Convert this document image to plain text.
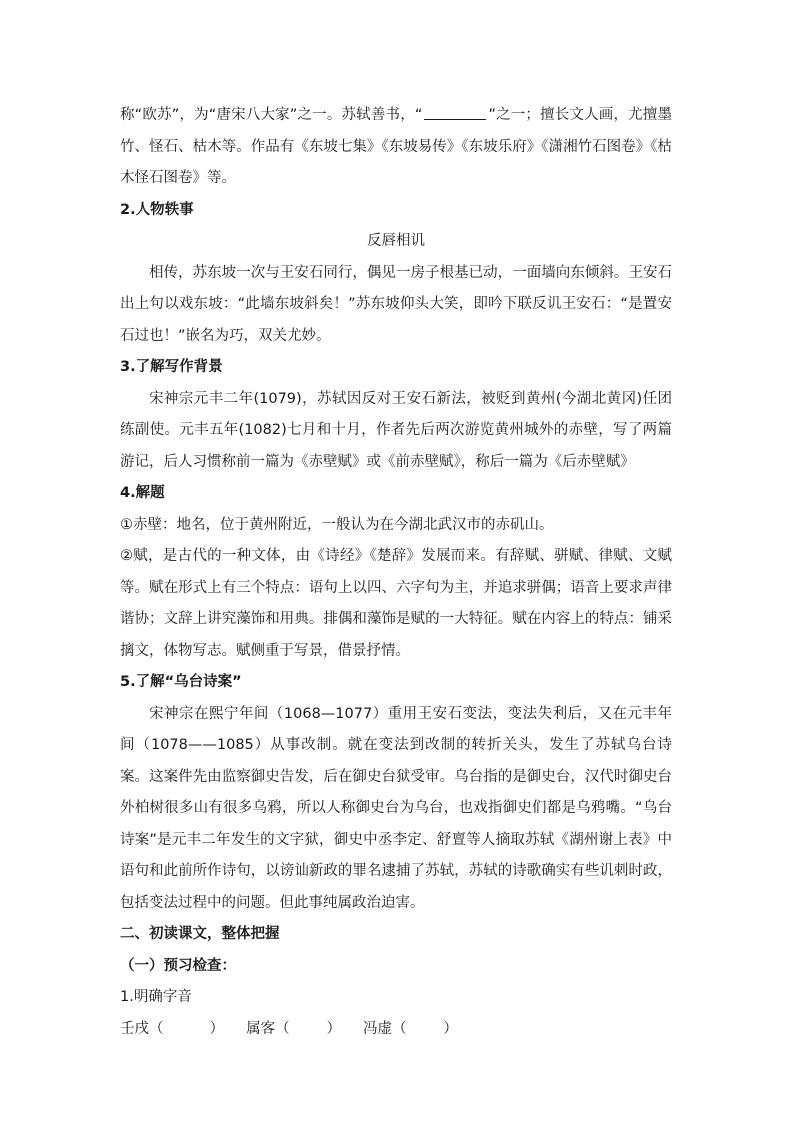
称“欧苏”，为“唐宋八大家”之一。苏轼善书，“	”之一；擅长文人画，尤擅墨竹、怪石、枯木等。作品有《东坡七集》《东坡易传》《东坡乐府》《潇湘竹石图卷》《枯木怪石图卷》等。

2.人物轶事

反唇相讥

相传，苏东坡一次与王安石同行，偶见一房子根基已动，一面墙向东倾斜。王安石出上句以戏东坡：“此墙东坡斜矣！”苏东坡仰头大笑，即吟下联反讥王安石：“是置安石过也！”嵌名为巧，双关尤妙。

3.了解写作背景

宋神宗元丰二年(1079)，苏轼因反对王安石新法，被贬到黄州(今湖北黄冈)任团练副使。元丰五年(1082)七月和十月，作者先后两次游览黄州城外的赤壁，写了两篇游记，后人习惯称前一篇为《赤壁赋》或《前赤壁赋》，称后一篇为《后赤壁赋》

4.解题

①赤壁：地名，位于黄州附近，一般认为在今湖北武汉市的赤矶山。

②赋，是古代的一种文体，由《诗经》《楚辞》发展而来。有辞赋、骈赋、律赋、文赋等。赋在形式上有三个特点：语句上以四、六字句为主，并追求骈偶；语音上要求声律谐协；文辞上讲究藻饰和用典。排偶和藻饰是赋的一大特征。赋在内容上的特点：铺采摛文，体物写志。赋侧重于写景，借景抒情。

5.了解“乌台诗案”

宋神宗在熙宁年间（1068—1077）重用王安石变法，变法失利后，又在元丰年间（1078——1085）从事改制。就在变法到改制的转折关头，发生了苏轼乌台诗案。这案件先由监察御史告发，后在御史台狱受审。乌台指的是御史台，汉代时御史台外柏树很多山有很多乌鸦，所以人称御史台为乌台，也戏指御史们都是乌鸦嘴。“乌台诗案”是元丰二年发生的文字狱，御史中丞李定、舒亶等人摘取苏轼《湖州谢上表》中语句和此前所作诗句，以谤讪新政的罪名逮捕了苏轼，苏轼的诗歌确实有些讥刺时政，包括变法过程中的问题。但此事纯属政治迫害。

二、初读课文，整体把握

（一）预习检查：

1.明确字音

壬戌（          ） 属客（        ） 冯虚（        ）
